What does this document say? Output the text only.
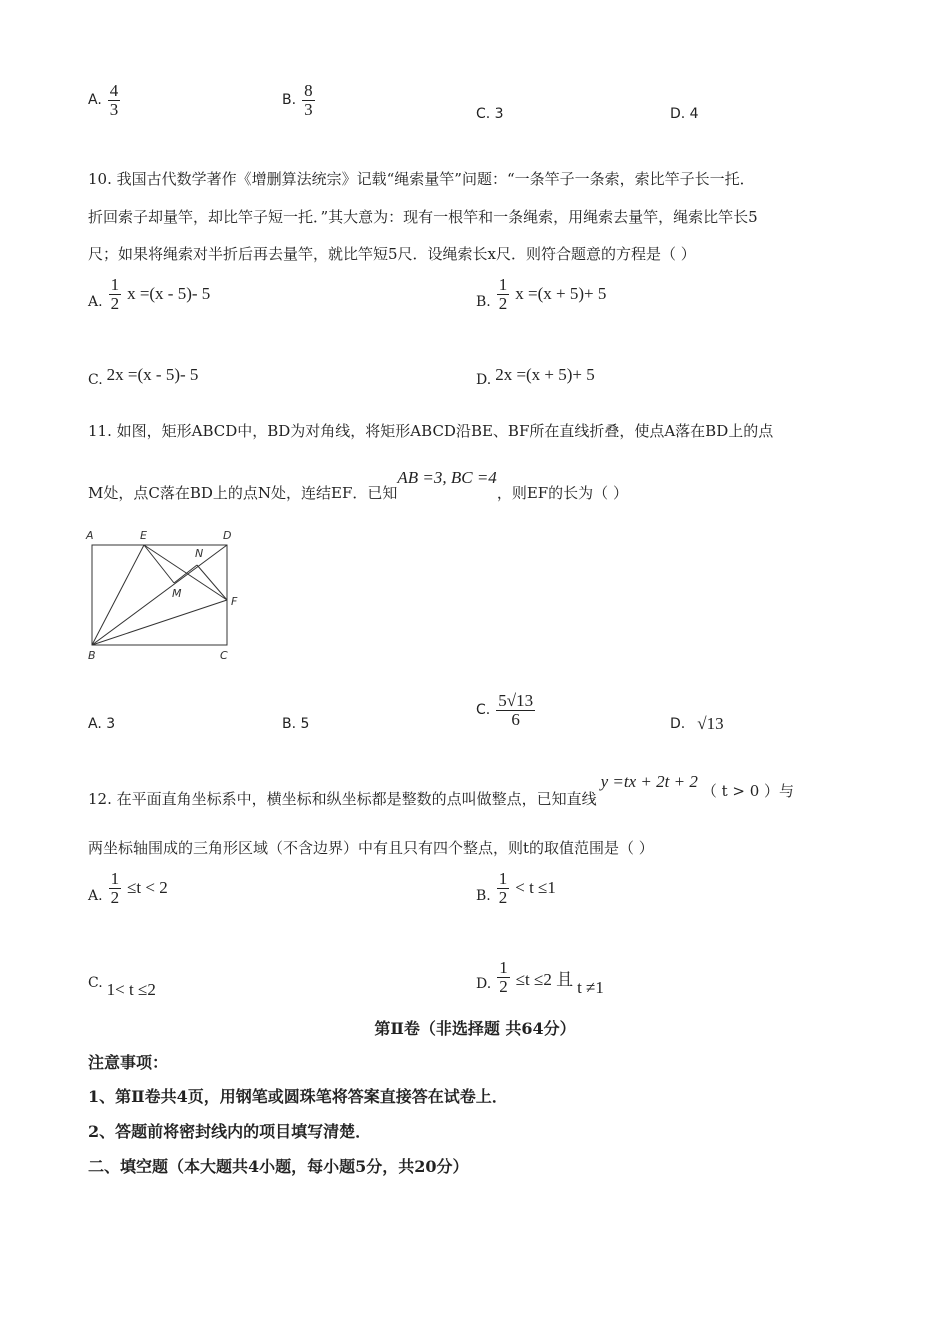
A. $\frac{4}{3}$	B. $\frac{8}{3}$	C. 3	D. 4
10. 我国古代数学著作《增删算法统宗》记载“绳索量竿”问题：“一条竿子一条索，索比竿子长一托．
折回索子却量竿，却比竿子短一托．”其大意为：现有一根竿和一条绳索，用绳索去量竿，绳索比竿长5
尺；如果将绳索对半折后再去量竿，就比竿短5尺．设绳索长x尺．则符合题意的方程是（ ）
A. $\frac{1}{2}$ x =(x - 5)- 5	B. $\frac{1}{2}$ x =(x + 5)+ 5
C. 2x =(x - 5)- 5	D. 2x =(x + 5)+ 5
11. 如图，矩形ABCD中，BD为对角线，将矩形ABCD沿BE、BF所在直线折叠，使点A落在BD上的点
M处，点C落在BD上的点N处，连结EF．已知
AB =3, BC =4
，则EF的长为（ ）
A	E	D
N
M
F
B	C
A. 3	B. 5
C. $\frac{5√13}{6}$	D. √13
12. 在平面直角坐标系中，横坐标和纵坐标都是整数的点叫做整点，已知直线
y =tx + 2t + 2 （ t > 0 ）与
两坐标轴围成的三角形区域（不含边界）中有且只有四个整点，则t的取值范围是（ ）
A. $\frac{1}{2} \le t < 2$	B. $\frac{1}{2} < t \le 1$
C. 1< t ≤2	D. $\frac{1}{2} \le t \le 2$ 且 t ≠1
第Ⅱ卷（非选择题 共64分）
注意事项：
1、第Ⅱ卷共4页，用钢笔或圆珠笔将答案直接答在试卷上．
2、答题前将密封线内的项目填写清楚．
二、填空题（本大题共4小题，每小题5分，共20分）
